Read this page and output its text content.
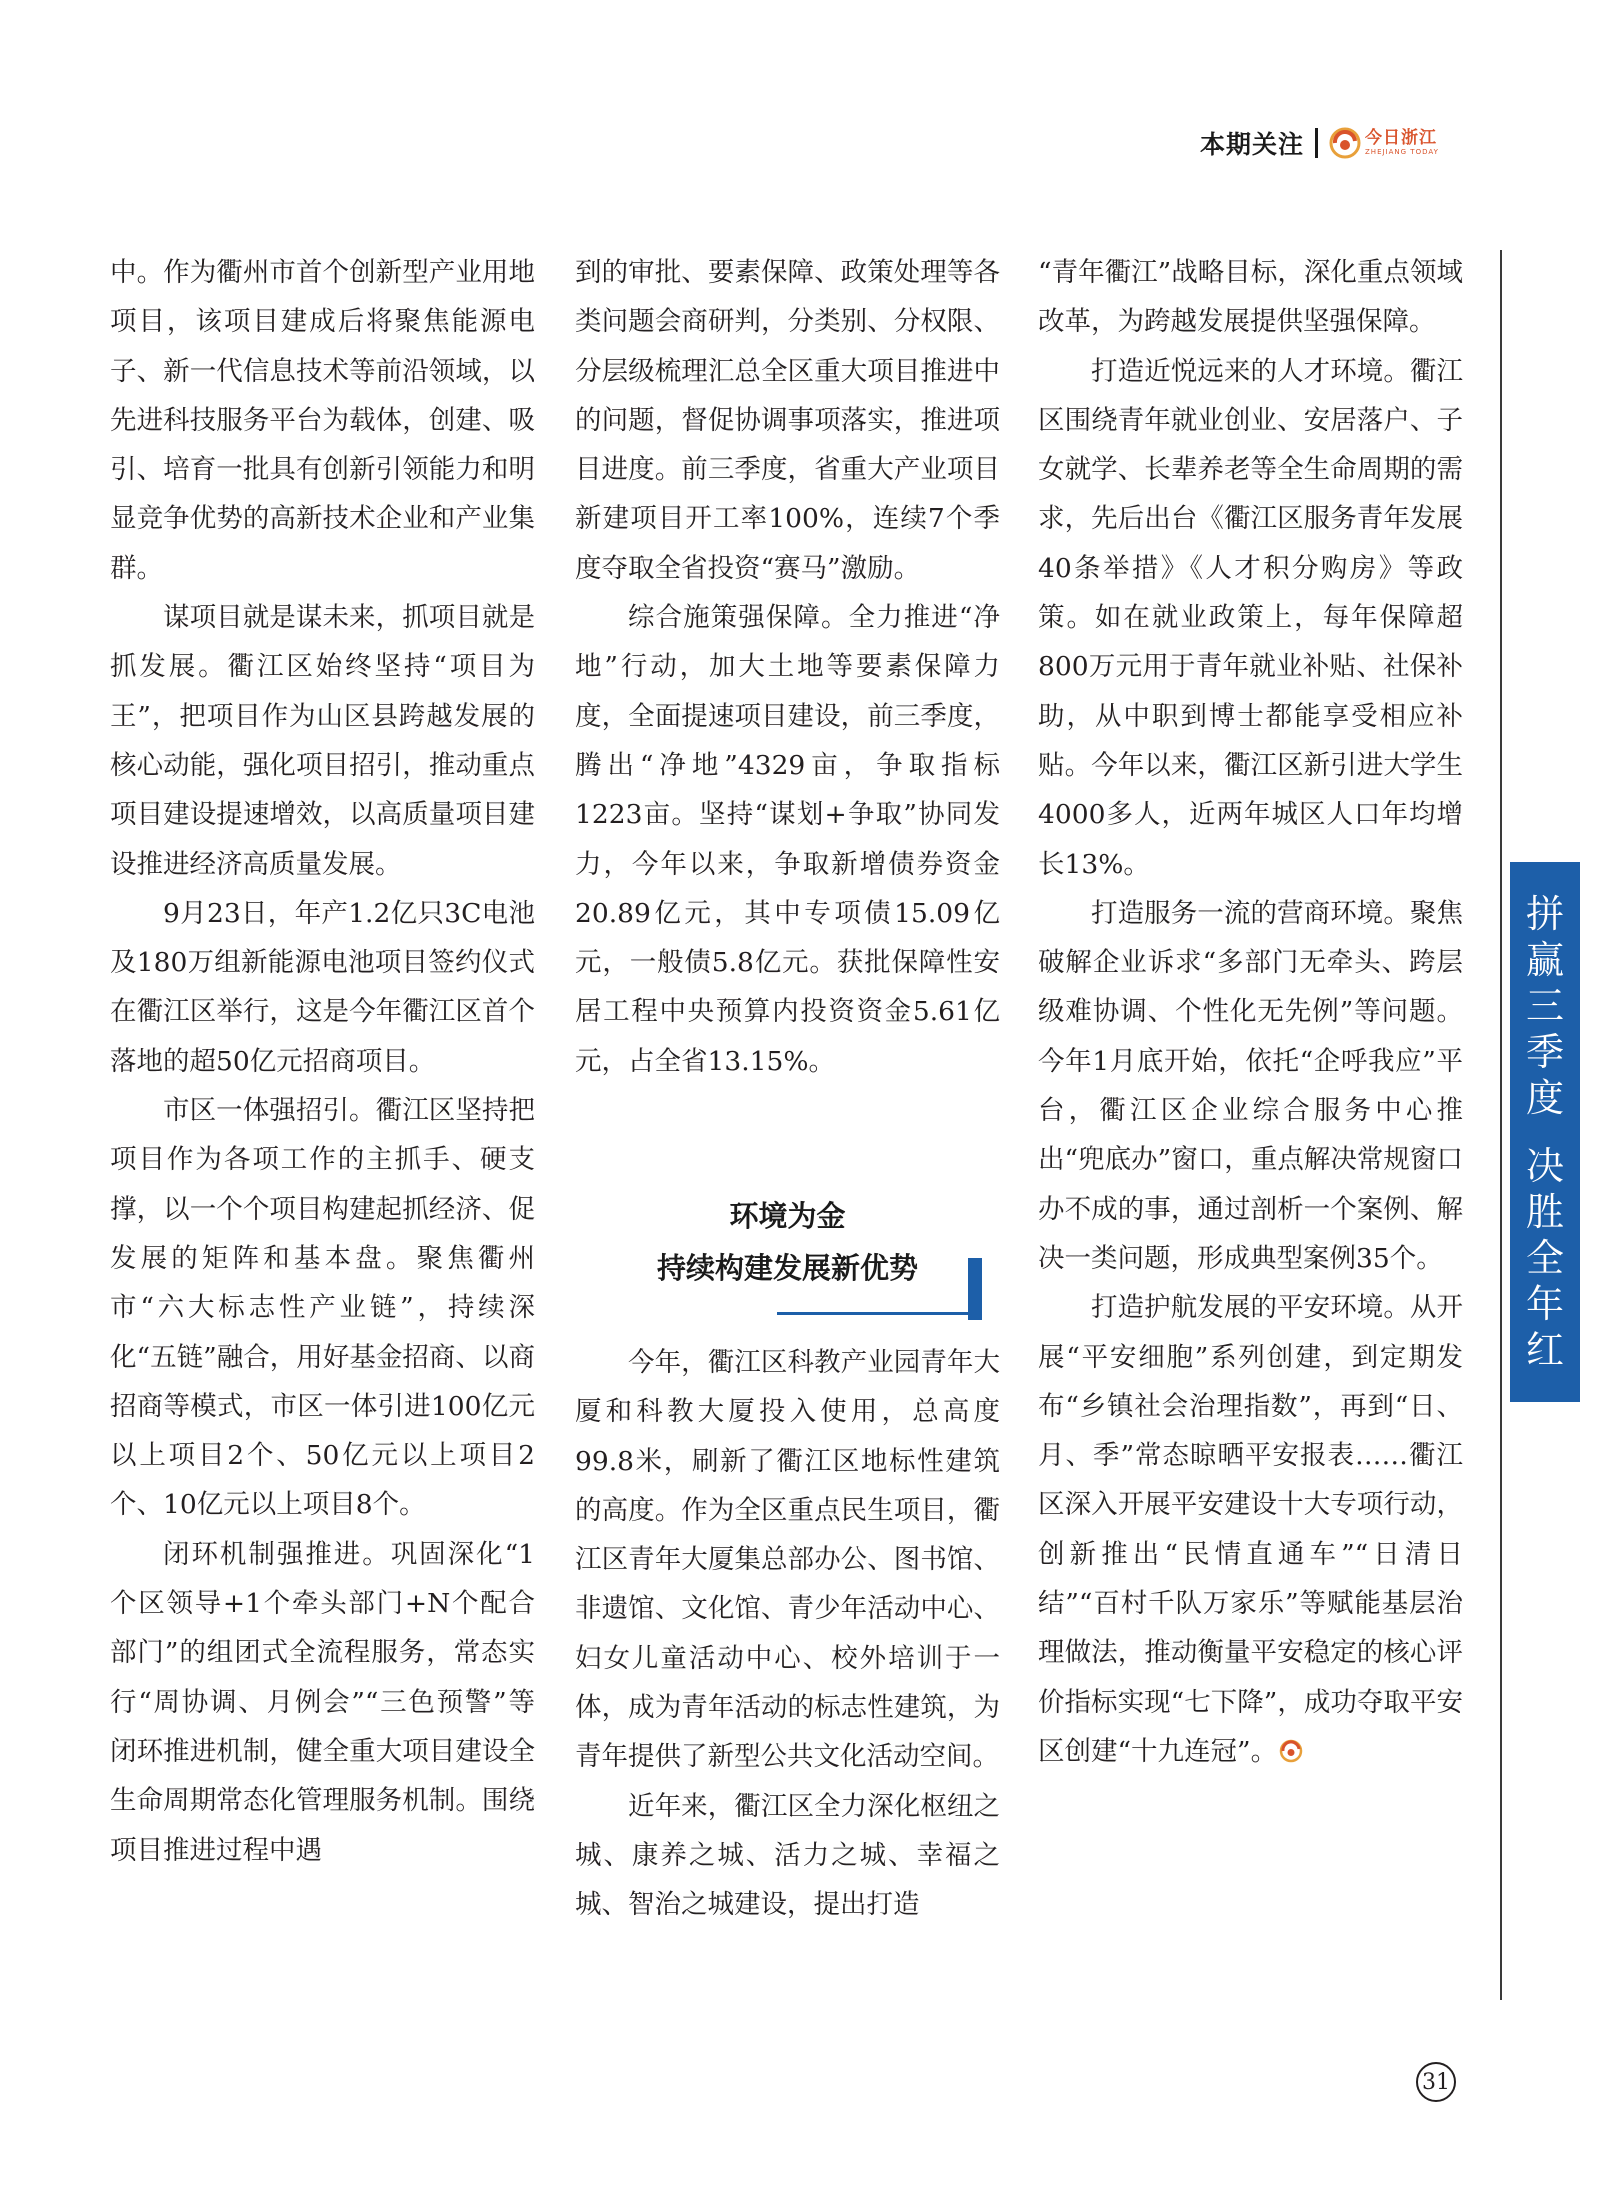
本期关注	今日浙江
ZHEJIANG TODAY

中。作为衢州市首个创新型产业用地项目，该项目建成后将聚焦能源电子、新一代信息技术等前沿领域，以先进科技服务平台为载体，创建、吸引、培育一批具有创新引领能力和明显竞争优势的高新技术企业和产业集群。

谋项目就是谋未来，抓项目就是抓发展。衢江区始终坚持“项目为王”，把项目作为山区县跨越发展的核心动能，强化项目招引，推动重点项目建设提速增效，以高质量项目建设推进经济高质量发展。

9月23日，年产1.2亿只3C电池及180万组新能源电池项目签约仪式在衢江区举行，这是今年衢江区首个落地的超50亿元招商项目。

市区一体强招引。衢江区坚持把项目作为各项工作的主抓手、硬支撑，以一个个项目构建起抓经济、促发展的矩阵和基本盘。聚焦衢州市“六大标志性产业链”，持续深化“五链”融合，用好基金招商、以商招商等模式，市区一体引进100亿元以上项目2个、50亿元以上项目2个、10亿元以上项目8个。

闭环机制强推进。巩固深化“1个区领导+1个牵头部门+N个配合部门”的组团式全流程服务，常态实行“周协调、月例会”“三色预警”等闭环推进机制，健全重大项目建设全生命周期常态化管理服务机制。围绕项目推进过程中遇

到的审批、要素保障、政策处理等各类问题会商研判，分类别、分权限、分层级梳理汇总全区重大项目推进中的问题，督促协调事项落实，推进项目进度。前三季度，省重大产业项目新建项目开工率100%，连续7个季度夺取全省投资“赛马”激励。

综合施策强保障。全力推进“净地”行动，加大土地等要素保障力度，全面提速项目建设，前三季度，腾出“净地”4329亩，争取指标1223亩。坚持“谋划+争取”协同发力，今年以来，争取新增债券资金20.89亿元，其中专项债15.09亿元，一般债5.8亿元。获批保障性安居工程中央预算内投资资金5.61亿元，占全省13.15%。

环境为金
持续构建发展新优势

今年，衢江区科教产业园青年大厦和科教大厦投入使用，总高度99.8米，刷新了衢江区地标性建筑的高度。作为全区重点民生项目，衢江区青年大厦集总部办公、图书馆、非遗馆、文化馆、青少年活动中心、妇女儿童活动中心、校外培训于一体，成为青年活动的标志性建筑，为青年提供了新型公共文化活动空间。

近年来，衢江区全力深化枢纽之城、康养之城、活力之城、幸福之城、智治之城建设，提出打造

“青年衢江”战略目标，深化重点领域改革，为跨越发展提供坚强保障。

打造近悦远来的人才环境。衢江区围绕青年就业创业、安居落户、子女就学、长辈养老等全生命周期的需求，先后出台《衢江区服务青年发展40条举措》《人才积分购房》等政策。如在就业政策上，每年保障超800万元用于青年就业补贴、社保补助，从中职到博士都能享受相应补贴。今年以来，衢江区新引进大学生4000多人，近两年城区人口年均增长13%。

打造服务一流的营商环境。聚焦破解企业诉求“多部门无牵头、跨层级难协调、个性化无先例”等问题。今年1月底开始，依托“企呼我应”平台，衢江区企业综合服务中心推出“兜底办”窗口，重点解决常规窗口办不成的事，通过剖析一个案例、解决一类问题，形成典型案例35个。

打造护航发展的平安环境。从开展“平安细胞”系列创建，到定期发布“乡镇社会治理指数”，再到“日、月、季”常态晾晒平安报表……衢江区深入开展平安建设十大专项行动，创新推出“民情直通车”“日清日结”“百村千队万家乐”等赋能基层治理做法，推动衡量平安稳定的核心评价指标实现“七下降”，成功夺取平安区创建“十九连冠”。

拼赢三季度
决胜全年红
31
